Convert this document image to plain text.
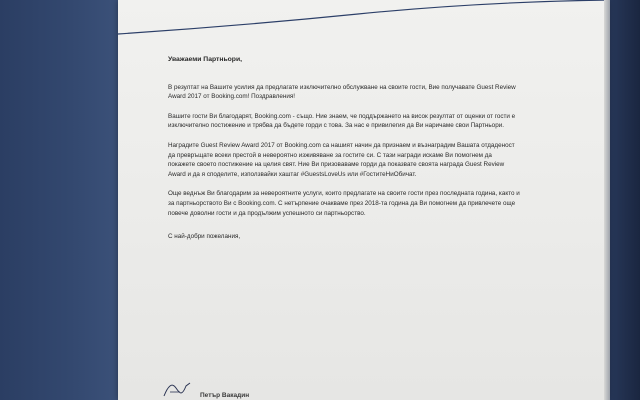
Уважаеми Партньори,

В резултат на Вашите усилия да предлагате изключително обслужване на своите гости, Вие получавате Guest Review Award 2017 от Booking.com! Поздравления!

Вашите гости Ви благодарят, Booking.com - също. Ние знаем, че поддържането на висок резултат от оценки от гости е изключително постижение и трябва да бъдете горди с това. За нас е привилегия да Ви наричаме свои Партньори.

Наградите Guest Review Award 2017 от Booking.com са нашият начин да признаем и възнаградим Вашата отдаденост да превръщате всеки престой в невероятно изживяване за гостите си. С тази награди искаме Ви помогнем да покажете своето постижение на целия свят. Ние Ви призоваваме горди да показвате своята награда Guest Review Award и да я споделите, използвайки хаштаг #GuestsLoveUs или #ГоститеНиОбичат.

Още веднъж Ви благодарим за невероятните услуги, които предлагате на своите гости през последната година, както и за партньорството Ви с Booking.com. С нетърпение очакваме през 2018-та година да Ви помогнем да привлечете още повече доволни гости и да продължим успешното си партньорство.

С най-добри пожелания,
Петър Вакадин
